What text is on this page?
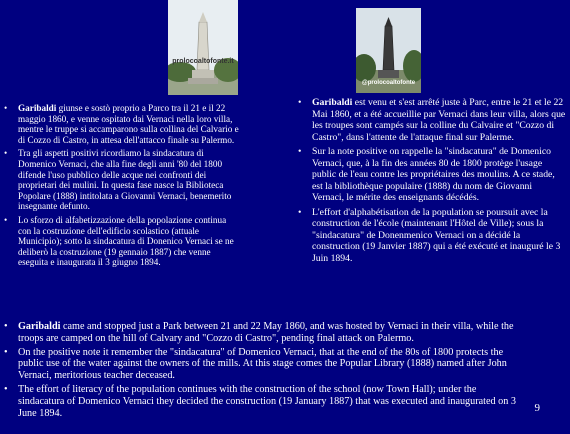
prolocoaltofonte.it
@prolocoaltofonte
• Garibaldi giunse e sostò proprio a Parco tra il 21 e il 22 maggio 1860, e venne ospitato dai Vernaci nella loro villa, mentre le truppe si accamparono sulla collina del Calvario e di Cozzo di Castro, in attesa dell'attacco finale su Palermo.
• Tra gli aspetti positivi ricordiamo la sindacatura di Domenico Vernaci, che alla fine degli anni '80 del 1800 difende l'uso pubblico delle acque nei confronti dei proprietari dei mulini. In questa fase nasce la Biblioteca Popolare (1888) intitolata a Giovanni Vernaci, benemerito insegnante defunto.
• Lo sforzo di alfabetizzazione della popolazione continua con la costruzione dell'edificio scolastico (attuale Municipio); sotto la sindacatura di Donenico Vernaci se ne deliberò la costruzione (19 gennaio 1887) che venne eseguita e inaugurata il 3 giugno 1894.
• Garibaldi est venu et s'est arrêté juste à Parc, entre le 21 et le 22 Mai 1860, et a été accueillie par Vernaci dans leur villa, alors que les troupes sont campés sur la colline du Calvaire et "Cozzo di Castro", dans l'attente de l'attaque final sur Palerme.
• Sur la note positive on rappelle la "sindacatura" de Domenico Vernaci, que, à la fin des années 80 de 1800 protège l'usage public de l'eau contre les propriétaires des moulins. A ce stade, est la bibliothèque populaire (1888) du nom de Giovanni Vernaci, le mérite des enseignants décédés.
• L'effort d'alphabétisation de la population se poursuit avec la construction de l'école (maintenant l'Hôtel de Ville); sous la "sindacatura" de Donenmenico Vernaci on a décidé la construction (19 Janvier 1887) qui a été exécuté et inauguré le 3 Juin 1894.
• Garibaldi came and stopped just a Park between 21 and 22 May 1860, and was hosted by Vernaci in their villa, while the troops are camped on the hill of Calvary and "Cozzo di Castro", pending final attack on Palermo.
• On the positive note it remember the "sindacatura" of Domenico Vernaci, that at the end of the 80s of 1800 protects the public use of the water against the owners of the mills. At this stage comes the Popular Library (1888) named after John Vernaci, meritorious teacher deceased.
• The effort of literacy of the population continues with the construction of the school (now Town Hall); under the sindacatura of Domenico Vernaci they decided the construction (19 January 1887) that was executed and inaugurated on 3 June 1894.	9
